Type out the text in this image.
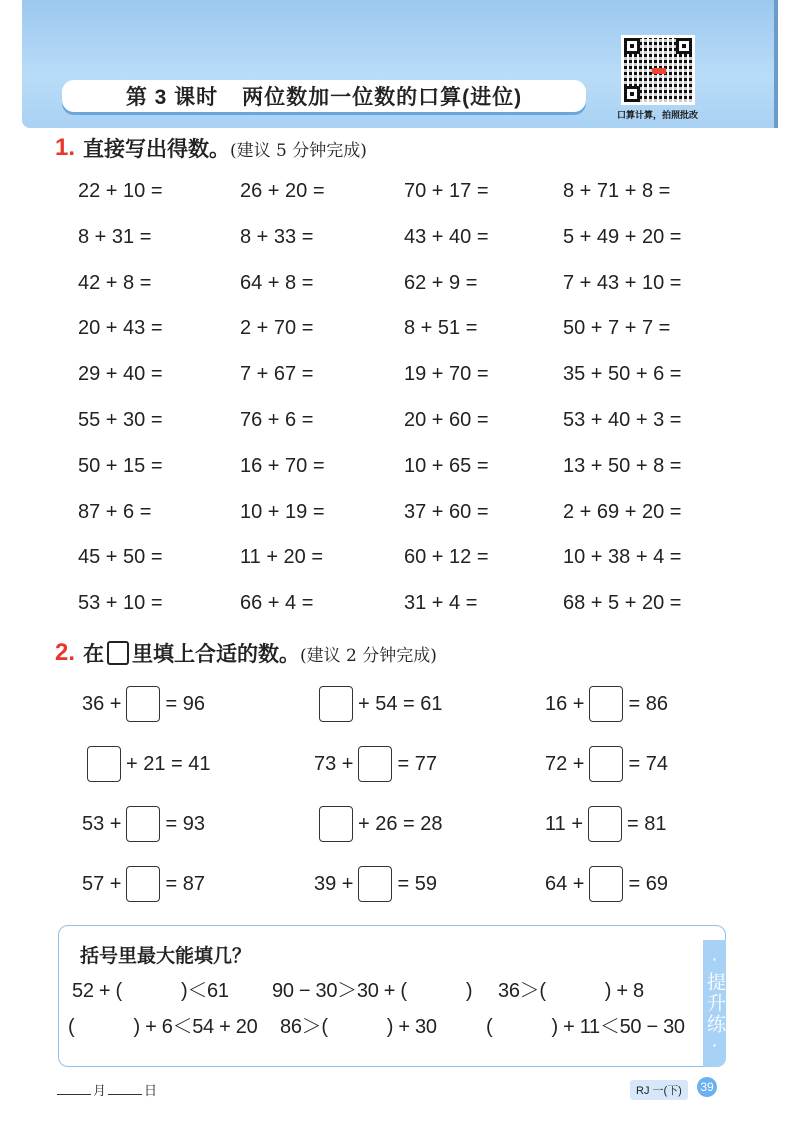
第 3 课时 两位数加一位数的口算(进位)
口算计算，拍照批改
1. 直接写出得数。 (建议 5 分钟完成)
22 + 10 =	26 + 20 =	70 + 17 =	8 + 71 + 8 =
8 + 31 =	8 + 33 =	43 + 40 =	5 + 49 + 20 =
42 + 8 =	64 + 8 =	62 + 9 =	7 + 43 + 10 =
20 + 43 =	2 + 70 =	8 + 51 =	50 + 7 + 7 =
29 + 40 =	7 + 67 =	19 + 70 =	35 + 50 + 6 =
55 + 30 =	76 + 6 =	20 + 60 =	53 + 40 + 3 =
50 + 15 =	16 + 70 =	10 + 65 =	13 + 50 + 8 =
87 + 6 =	10 + 19 =	37 + 60 =	2 + 69 + 20 =
45 + 50 =	11 + 20 =	60 + 12 =	10 + 38 + 4 =
53 + 10 =	66 + 4 =	31 + 4 =	68 + 5 + 20 =
2. 在 里填上合适的数。 (建议 2 分钟完成)
36 + = 96	+ 54 = 61	16 + = 86
+ 21 = 41	73 + = 77	72 + = 74
53 + = 93	+ 26 = 28	11 + = 81
57 + = 87	39 + = 59	64 + = 69
括号里最大能填几？
52 + (　　　)＜61 90 − 30＞30 + (　　　) 36＞(　　　) + 8
(　　　) + 6＜54 + 20 86＞(　　　) + 30 (　　　) + 11＜50 − 30 ·提升练·
月	日	RJ 一(下)	39
